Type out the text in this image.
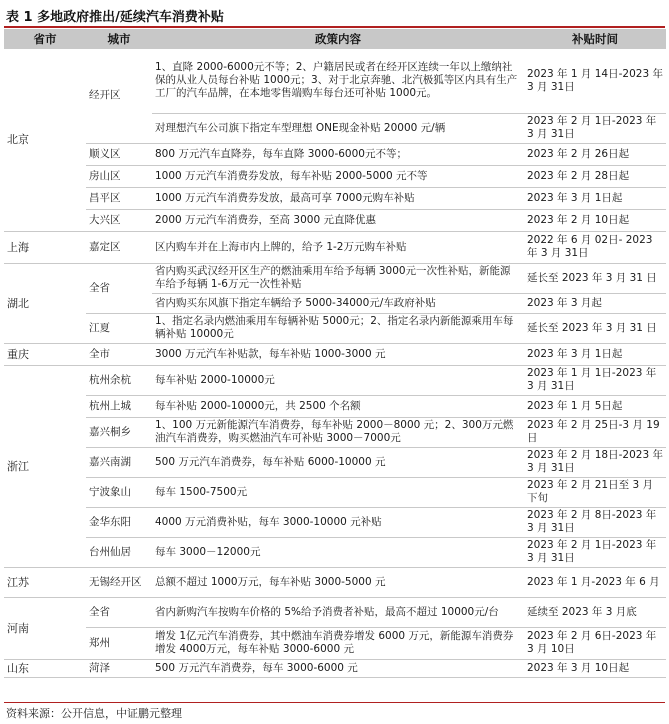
表 1 多地政府推出/延续汽车消费补贴
省市	城市	政策内容	补贴时间
北京	经开区	1、直降 2000-6000元不等；2、户籍居民或者在经开区连续一年以上缴纳社保的从业人员每台补贴 1000元；3、对于北京奔驰、北汽极狐等区内具有生产工厂的汽车品牌，在本地零售端购车每台还可补贴 1000元。	2023 年 1 月 14日-2023 年 3 月 31日
		对理想汽车公司旗下指定车型理想 ONE现金补贴 20000 元/辆	2023 年 2 月 1日-2023 年 3 月 31日
	顺义区	800 万元汽车直降券，每车直降 3000-6000元不等；	2023 年 2 月 26日起
	房山区	1000 万元汽车消费券发放，每车补贴 2000-5000 元不等	2023 年 2 月 28日起
	昌平区	1000 万元汽车消费券发放，最高可享 7000元购车补贴	2023 年 3 月 1日起
	大兴区	2000 万元汽车消费券，至高 3000 元直降优惠	2023 年 2 月 10日起
上海	嘉定区	区内购车并在上海市内上牌的，给予 1-2万元购车补贴	2022 年 6 月 02日- 2023 年 3 月 31日
湖北	全省	省内购买武汉经开区生产的燃油乘用车给予每辆 3000元一次性补贴，新能源车给予每辆 1-6万元一次性补贴	延长至 2023 年 3 月 31 日
		省内购买东风旗下指定车辆给予 5000-34000元/车政府补贴	2023 年 3 月起
	江夏	1、指定名录内燃油乘用车每辆补贴 5000元；2、指定名录内新能源乘用车每辆补贴 10000元	延长至 2023 年 3 月 31 日
重庆	全市	3000 万元汽车补贴款，每车补贴 1000-3000 元	2023 年 3 月 1日起
浙江	杭州余杭	每车补贴 2000-10000元	2023 年 1 月 1日-2023 年 3 月 31日
	杭州上城	每车补贴 2000-10000元，共 2500 个名额	2023 年 1 月 5日起
	嘉兴桐乡	1、100 万元新能源汽车消费券，每车补贴 2000－8000 元；2、300万元燃油汽车消费券，购买燃油汽车可补贴 3000－7000元	2023 年 2 月 25日-3 月 19日
	嘉兴南湖	500 万元汽车消费券，每车补贴 6000-10000 元	2023 年 2 月 18日-2023 年 3 月 31日
	宁波象山	每车 1500-7500元	2023 年 2 月 21日至 3 月下旬
	金华东阳	4000 万元消费补贴，每车 3000-10000 元补贴	2023 年 2 月 8日-2023 年 3 月 31日
	台州仙居	每车 3000－12000元	2023 年 2 月 1日-2023 年 3 月 31日
江苏	无锡经开区	总额不超过 1000万元，每车补贴 3000-5000 元	2023 年 1 月-2023 年 6 月
河南	全省	省内新购汽车按购车价格的 5%给予消费者补贴，最高不超过 10000元/台	延续至 2023 年 3 月底
	郑州	增发 1亿元汽车消费券，其中燃油车消费券增发 6000 万元，新能源车消费券增发 4000万元，每车补贴 3000-6000 元	2023 年 2 月 6日-2023 年 3 月 10日
山东	菏泽	500 万元汽车消费券，每车 3000-6000 元	2023 年 3 月 10日起
资料来源：公开信息，中证鹏元整理
